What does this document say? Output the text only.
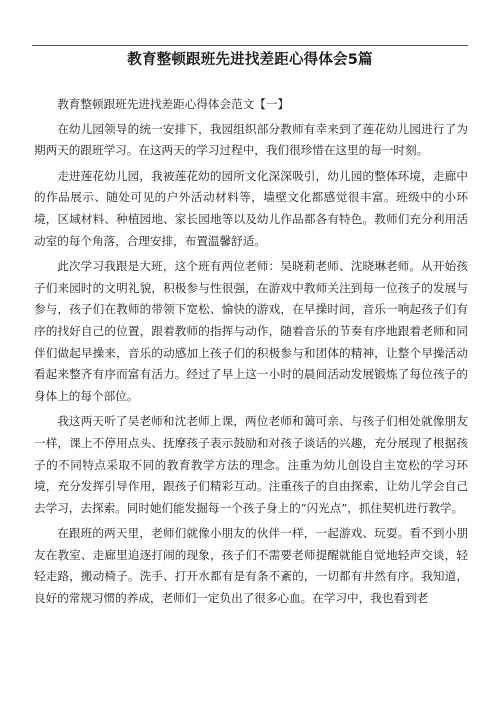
教育整顿跟班先进找差距心得体会5篇

教育整顿跟班先进找差距心得体会范文【一】

在幼儿园领导的统一安排下，我园组织部分教师有幸来到了莲花幼儿园进行了为期两天的跟班学习。在这两天的学习过程中，我们很珍惜在这里的每一时刻。

走进莲花幼儿园，我被莲花幼的园所文化深深吸引，幼儿园的整体环境，走廊中的作品展示、随处可见的户外活动材料等，墙壁文化都感觉很丰富。班级中的小环境，区域材料、种植园地、家长园地等以及幼儿作品都各有特色。教师们充分利用活动室的每个角落，合理安排，布置温馨舒适。

此次学习我跟是大班，这个班有两位老师：吴晓莉老师、沈晓琳老师。从开始孩子们来园时的文明礼貌，积极参与性很强，在游戏中教师关注到每一位孩子的发展与参与，孩子们在教师的带领下宽松、愉快的游戏，在早操时间，音乐一响起孩子们有序的找好自己的位置，跟着教师的指挥与动作，随着音乐的节奏有序地跟着老师和同伴们做起早操来，音乐的动感加上孩子们的积极参与和团体的精神，让整个早操活动看起来整齐有序而富有活力。经过了早上这一小时的晨间活动发展锻炼了每位孩子的身体上的每个部位。

我这两天听了吴老师和沈老师上课，两位老师和蔼可亲、与孩子们相处就像朋友一样，课上不停用点头、抚摩孩子表示鼓励和对孩子谈话的兴趣，充分展现了根据孩子的不同特点采取不同的教育教学方法的理念。注重为幼儿创设自主宽松的学习环境，充分发挥引导作用，跟孩子们精彩互动。注重孩子的自由探索，让幼儿学会自己去学习，去探索。同时她们能发掘每一个孩子身上的“闪光点”，抓住契机进行教学。

在跟班的两天里，老师们就像小朋友的伙伴一样，一起游戏、玩耍。看不到小朋友在教室、走廊里追逐打闹的现象，孩子们不需要老师提醒就能自觉地轻声交谈，轻轻走路，搬动椅子。洗手、打开水都有是有条不紊的，一切都有井然有序。我知道，良好的常规习惯的养成，老师们一定负出了很多心血。在学习中，我也看到老
